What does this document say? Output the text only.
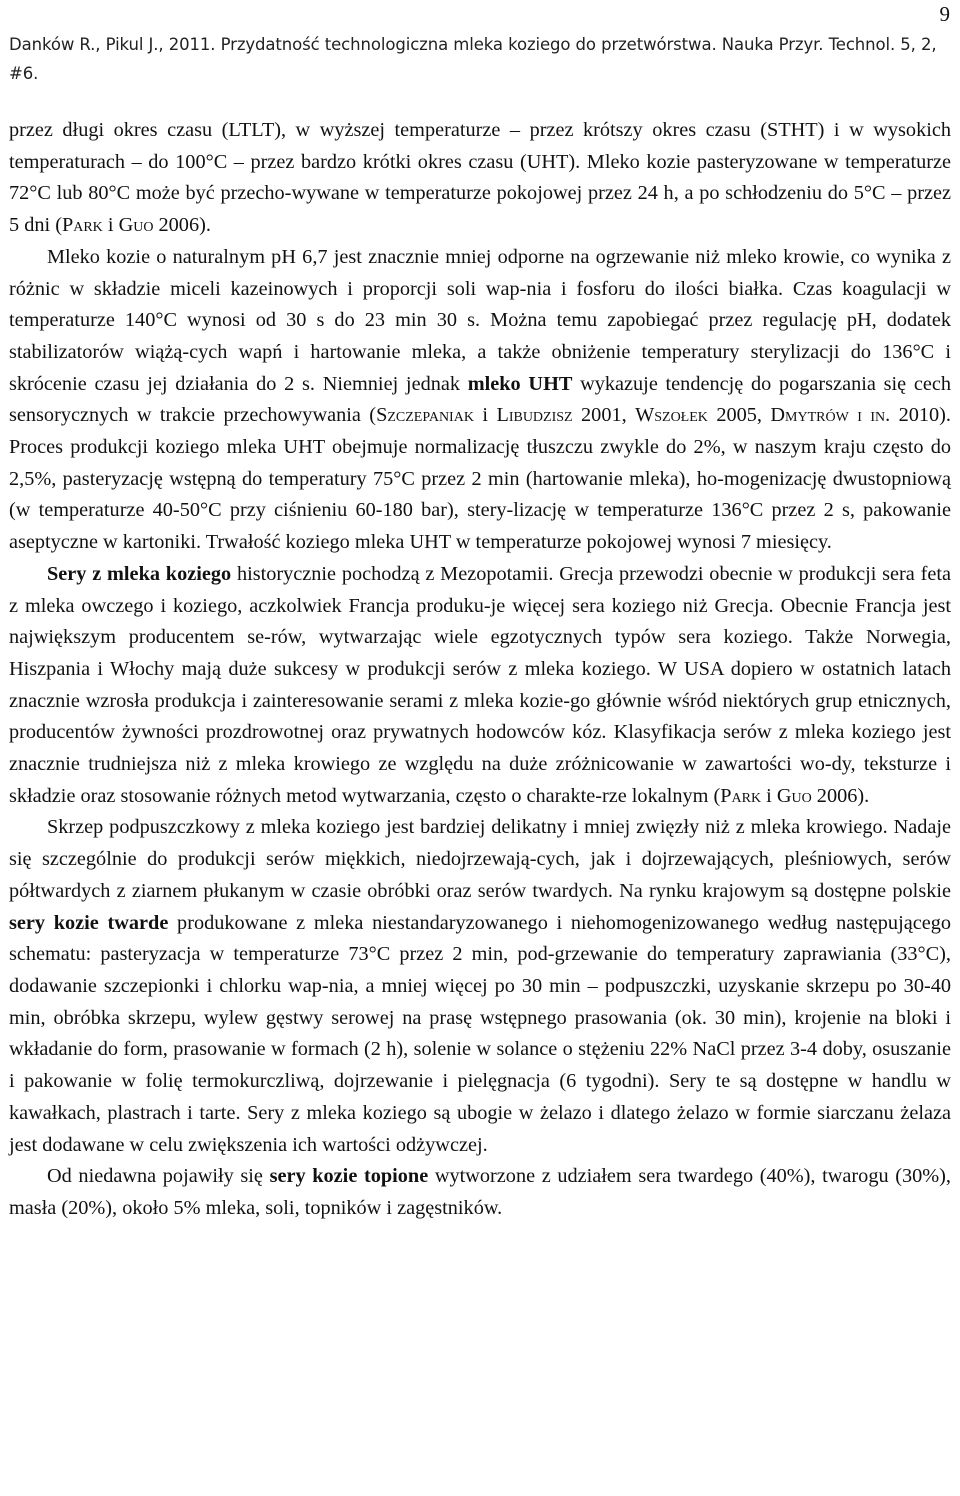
9
Danków R., Pikul J., 2011. Przydatność technologiczna mleka koziego do przetwórstwa. Nauka Przyr. Technol. 5, 2, #6.

przez długi okres czasu (LTLT), w wyższej temperaturze – przez krótszy okres czasu (STHT) i w wysokich temperaturach – do 100°C – przez bardzo krótki okres czasu (UHT). Mleko kozie pasteryzowane w temperaturze 72°C lub 80°C może być przecho-wywane w temperaturze pokojowej przez 24 h, a po schłodzeniu do 5°C – przez 5 dni (Park i Guo 2006).

Mleko kozie o naturalnym pH 6,7 jest znacznie mniej odporne na ogrzewanie niż mleko krowie, co wynika z różnic w składzie miceli kazeinowych i proporcji soli wap-nia i fosforu do ilości białka. Czas koagulacji w temperaturze 140°C wynosi od 30 s do 23 min 30 s. Można temu zapobiegać przez regulację pH, dodatek stabilizatorów wiążą-cych wapń i hartowanie mleka, a także obniżenie temperatury sterylizacji do 136°C i skrócenie czasu jej działania do 2 s. Niemniej jednak mleko UHT wykazuje tendencję do pogarszania się cech sensorycznych w trakcie przechowywania (Szczepaniak i Libudzisz 2001, Wszołek 2005, Dmytrów i in. 2010). Proces produkcji koziego mleka UHT obejmuje normalizację tłuszczu zwykle do 2%, w naszym kraju często do 2,5%, pasteryzację wstępną do temperatury 75°C przez 2 min (hartowanie mleka), ho-mogenizację dwustopniową (w temperaturze 40-50°C przy ciśnieniu 60-180 bar), stery-lizację w temperaturze 136°C przez 2 s, pakowanie aseptyczne w kartoniki. Trwałość koziego mleka UHT w temperaturze pokojowej wynosi 7 miesięcy.

Sery z mleka koziego historycznie pochodzą z Mezopotamii. Grecja przewodzi obecnie w produkcji sera feta z mleka owczego i koziego, aczkolwiek Francja produku-je więcej sera koziego niż Grecja. Obecnie Francja jest największym producentem se-rów, wytwarzając wiele egzotycznych typów sera koziego. Także Norwegia, Hiszpania i Włochy mają duże sukcesy w produkcji serów z mleka koziego. W USA dopiero w ostatnich latach znacznie wzrosła produkcja i zainteresowanie serami z mleka kozie-go głównie wśród niektórych grup etnicznych, producentów żywności prozdrowotnej oraz prywatnych hodowców kóz. Klasyfikacja serów z mleka koziego jest znacznie trudniejsza niż z mleka krowiego ze względu na duże zróżnicowanie w zawartości wo-dy, teksturze i składzie oraz stosowanie różnych metod wytwarzania, często o charakte-rze lokalnym (Park i Guo 2006).

Skrzep podpuszczkowy z mleka koziego jest bardziej delikatny i mniej zwięzły niż z mleka krowiego. Nadaje się szczególnie do produkcji serów miękkich, niedojrzewają-cych, jak i dojrzewających, pleśniowych, serów półtwardych z ziarnem płukanym w czasie obróbki oraz serów twardych. Na rynku krajowym są dostępne polskie sery kozie twarde produkowane z mleka niestandaryzowanego i niehomogenizowanego według następującego schematu: pasteryzacja w temperaturze 73°C przez 2 min, pod-grzewanie do temperatury zaprawiania (33°C), dodawanie szczepionki i chlorku wap-nia, a mniej więcej po 30 min – podpuszczki, uzyskanie skrzepu po 30-40 min, obróbka skrzepu, wylew gęstwy serowej na prasę wstępnego prasowania (ok. 30 min), krojenie na bloki i wkładanie do form, prasowanie w formach (2 h), solenie w solance o stężeniu 22% NaCl przez 3-4 doby, osuszanie i pakowanie w folię termokurczliwą, dojrzewanie i pielęgnacja (6 tygodni). Sery te są dostępne w handlu w kawałkach, plastrach i tarte. Sery z mleka koziego są ubogie w żelazo i dlatego żelazo w formie siarczanu żelaza jest dodawane w celu zwiększenia ich wartości odżywczej.

Od niedawna pojawiły się sery kozie topione wytworzone z udziałem sera twardego (40%), twarogu (30%), masła (20%), około 5% mleka, soli, topników i zagęstników.
